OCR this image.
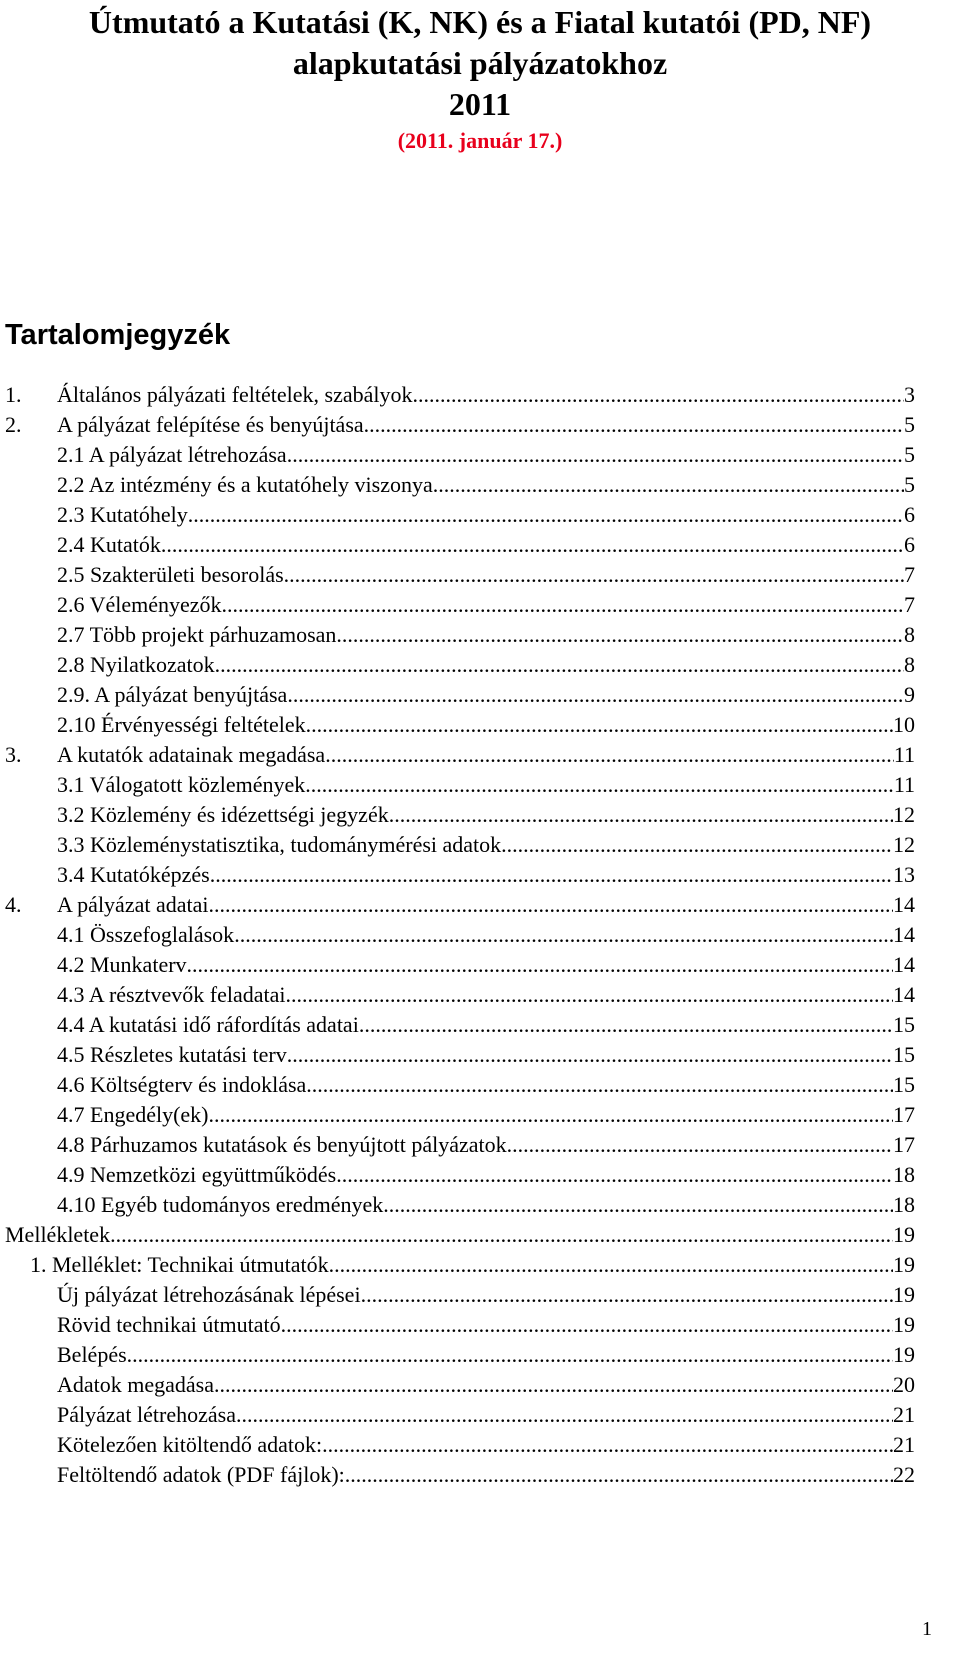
Útmutató a Kutatási (K, NK) és a Fiatal kutatói (PD, NF)
alapkutatási pályázatokhoz
2011
(2011. január 17.)
Tartalomjegyzék
1.	Általános pályázati feltételek, szabályok .....	3
2.	A pályázat felépítése és benyújtása .....	5
2.1 A pályázat létrehozása .....	5
2.2 Az intézmény és a kutatóhely viszonya .....	5
2.3 Kutatóhely .....	6
2.4 Kutatók .....	6
2.5 Szakterületi besorolás .....	7
2.6 Véleményezők .....	7
2.7 Több projekt párhuzamosan .....	8
2.8 Nyilatkozatok .....	8
2.9. A pályázat benyújtása .....	9
2.10 Érvényességi feltételek .....	10
3.	A kutatók adatainak megadása .....	11
3.1 Válogatott közlemények .....	11
3.2 Közlemény és idézettségi jegyzék .....	12
3.3 Közleménystatisztika, tudománymérési adatok .....	12
3.4 Kutatóképzés .....	13
4.	A pályázat adatai .....	14
4.1 Összefoglalások .....	14
4.2 Munkaterv .....	14
4.3 A résztvevők feladatai .....	14
4.4 A kutatási idő ráfordítás adatai .....	15
4.5 Részletes kutatási terv .....	15
4.6 Költségterv és indoklása .....	15
4.7 Engedély(ek) .....	17
4.8 Párhuzamos kutatások és benyújtott pályázatok .....	17
4.9 Nemzetközi együttműködés .....	18
4.10 Egyéb tudományos eredmények .....	18
Mellékletek .....	19
1. Melléklet: Technikai útmutatók .....	19
Új pályázat létrehozásának lépései .....	19
Rövid technikai útmutató .....	19
Belépés .....	19
Adatok megadása .....	20
Pályázat létrehozása .....	21
Kötelezően kitöltendő adatok: .....	21
Feltöltendő adatok (PDF fájlok): .....	22
1
